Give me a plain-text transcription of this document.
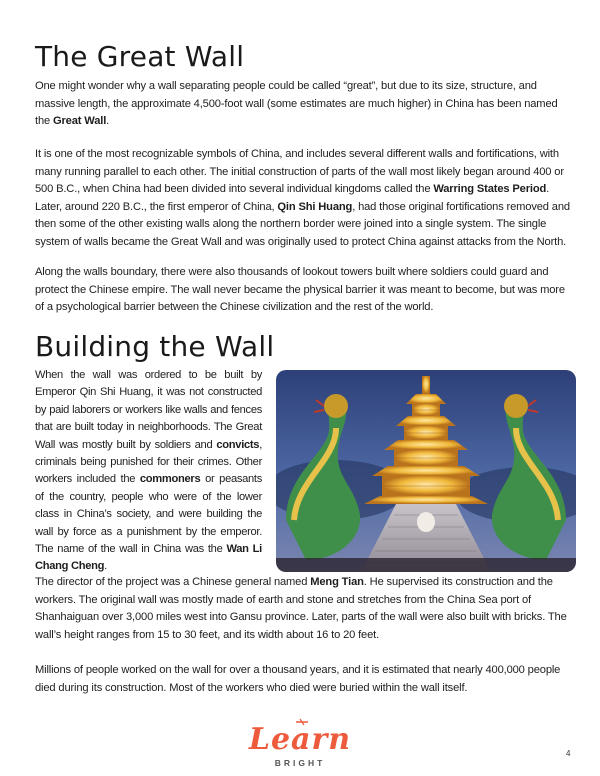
The Great Wall

One might wonder why a wall separating people could be called “great”, but due to its size, structure, and massive length, the approximate 4,500-foot wall (some estimates are much higher) in China has been named the Great Wall.

It is one of the most recognizable symbols of China, and includes several different walls and fortifications, with many running parallel to each other. The initial construction of parts of the wall most likely began around 400 or 500 B.C., when China had been divided into several individual kingdoms called the Warring States Period. Later, around 220 B.C., the first emperor of China, Qin Shi Huang, had those original fortifications removed and then some of the other existing walls along the northern border were joined into a single system. The single system of walls became the Great Wall and was originally used to protect China against attacks from the North.

Along the walls boundary, there were also thousands of lookout towers built where soldiers could guard and protect the Chinese empire. The wall never became the physical barrier it was meant to become, but was more of a psychological barrier between the Chinese civilization and the rest of the world.

Building the Wall

When the wall was ordered to be built by Emperor Qin Shi Huang, it was not constructed by paid laborers or workers like walls and fences that are built today in neighborhoods. The Great Wall was mostly built by soldiers and convicts, criminals being punished for their crimes. Other workers included the commoners or peasants of the country, people who were of the lower class in China’s society, and were building the wall by force as a punishment by the emperor. The name of the wall in China was the Wan Li Chang Cheng.

The director of the project was a Chinese general named Meng Tian. He supervised its construction and the workers. The original wall was mostly made of earth and stone and stretches from the China Sea port of Shanhaiguan over 3,000 miles west into Gansu province. Later, parts of the wall were also built with bricks. The wall’s height ranges from 15 to 30 feet, and its width about 16 to 20 feet.

Millions of people worked on the wall for over a thousand years, and it is estimated that nearly 400,000 people died during its construction. Most of the workers who died were buried within the wall itself.

Learn
BRIGHT
4
